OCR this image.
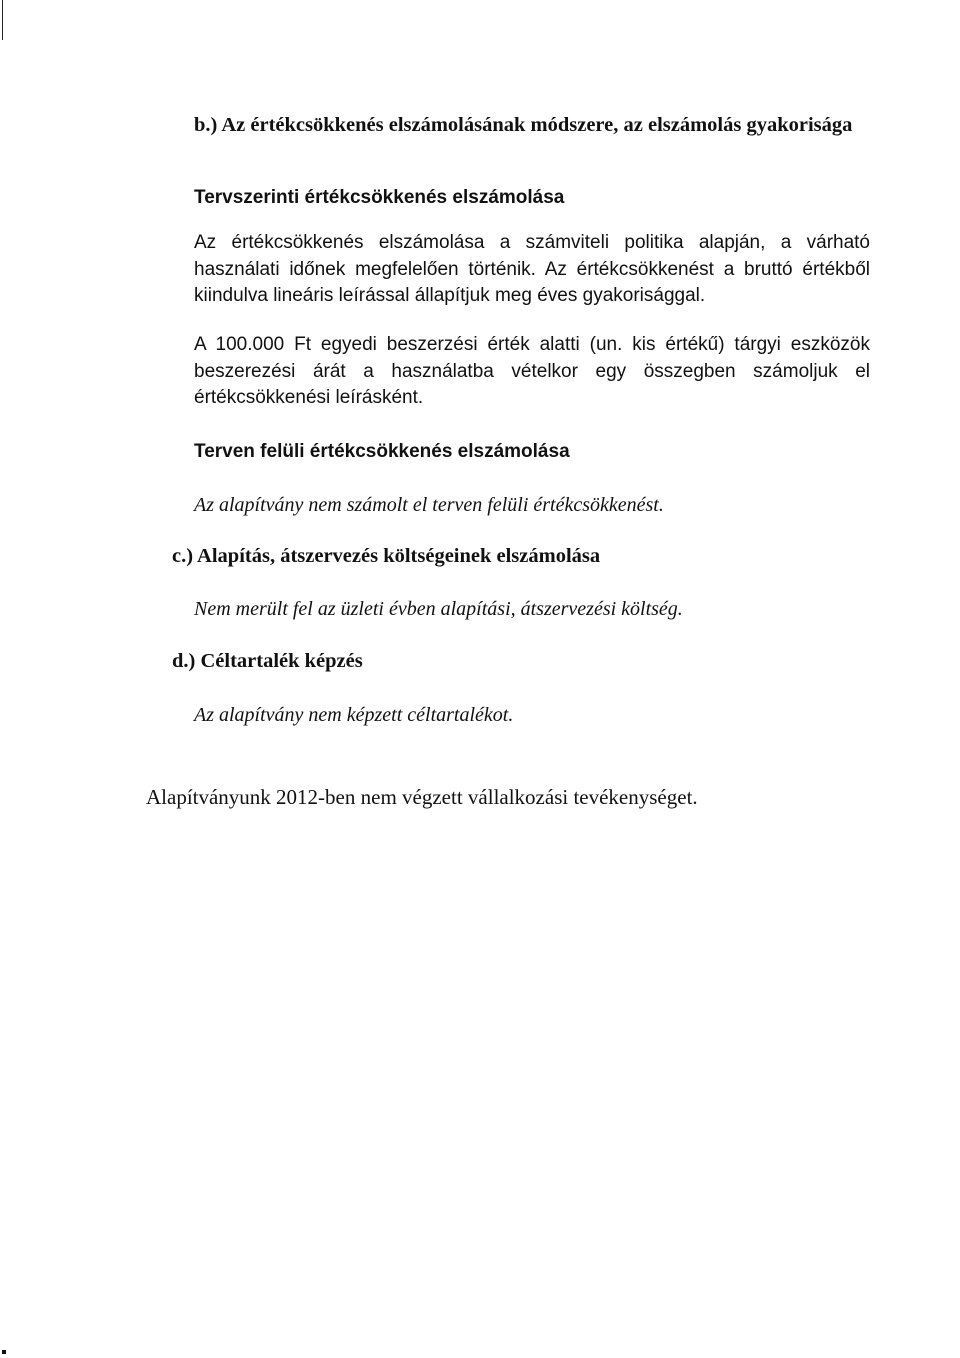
b.) Az értékcsökkenés elszámolásának módszere, az elszámolás gyakorisága
Tervszerinti értékcsökkenés elszámolása
Az értékcsökkenés elszámolása a számviteli politika alapján, a várható használati időnek megfelelően történik. Az értékcsökkenést a bruttó értékből kiindulva lineáris leírással állapítjuk meg éves gyakorisággal.
A 100.000 Ft egyedi beszerzési érték alatti (un. kis értékű) tárgyi eszközök beszerezési árát a használatba vételkor egy összegben számoljuk el értékcsökkenési leírásként.
Terven felüli értékcsökkenés elszámolása
Az alapítvány nem számolt el terven felüli értékcsökkenést.
c.) Alapítás, átszervezés költségeinek elszámolása
Nem merült fel az üzleti évben alapítási, átszervezési költség.
d.) Céltartalék képzés
Az alapítvány nem képzett céltartalékot.
Alapítványunk 2012-ben nem végzett vállalkozási tevékenységet.
